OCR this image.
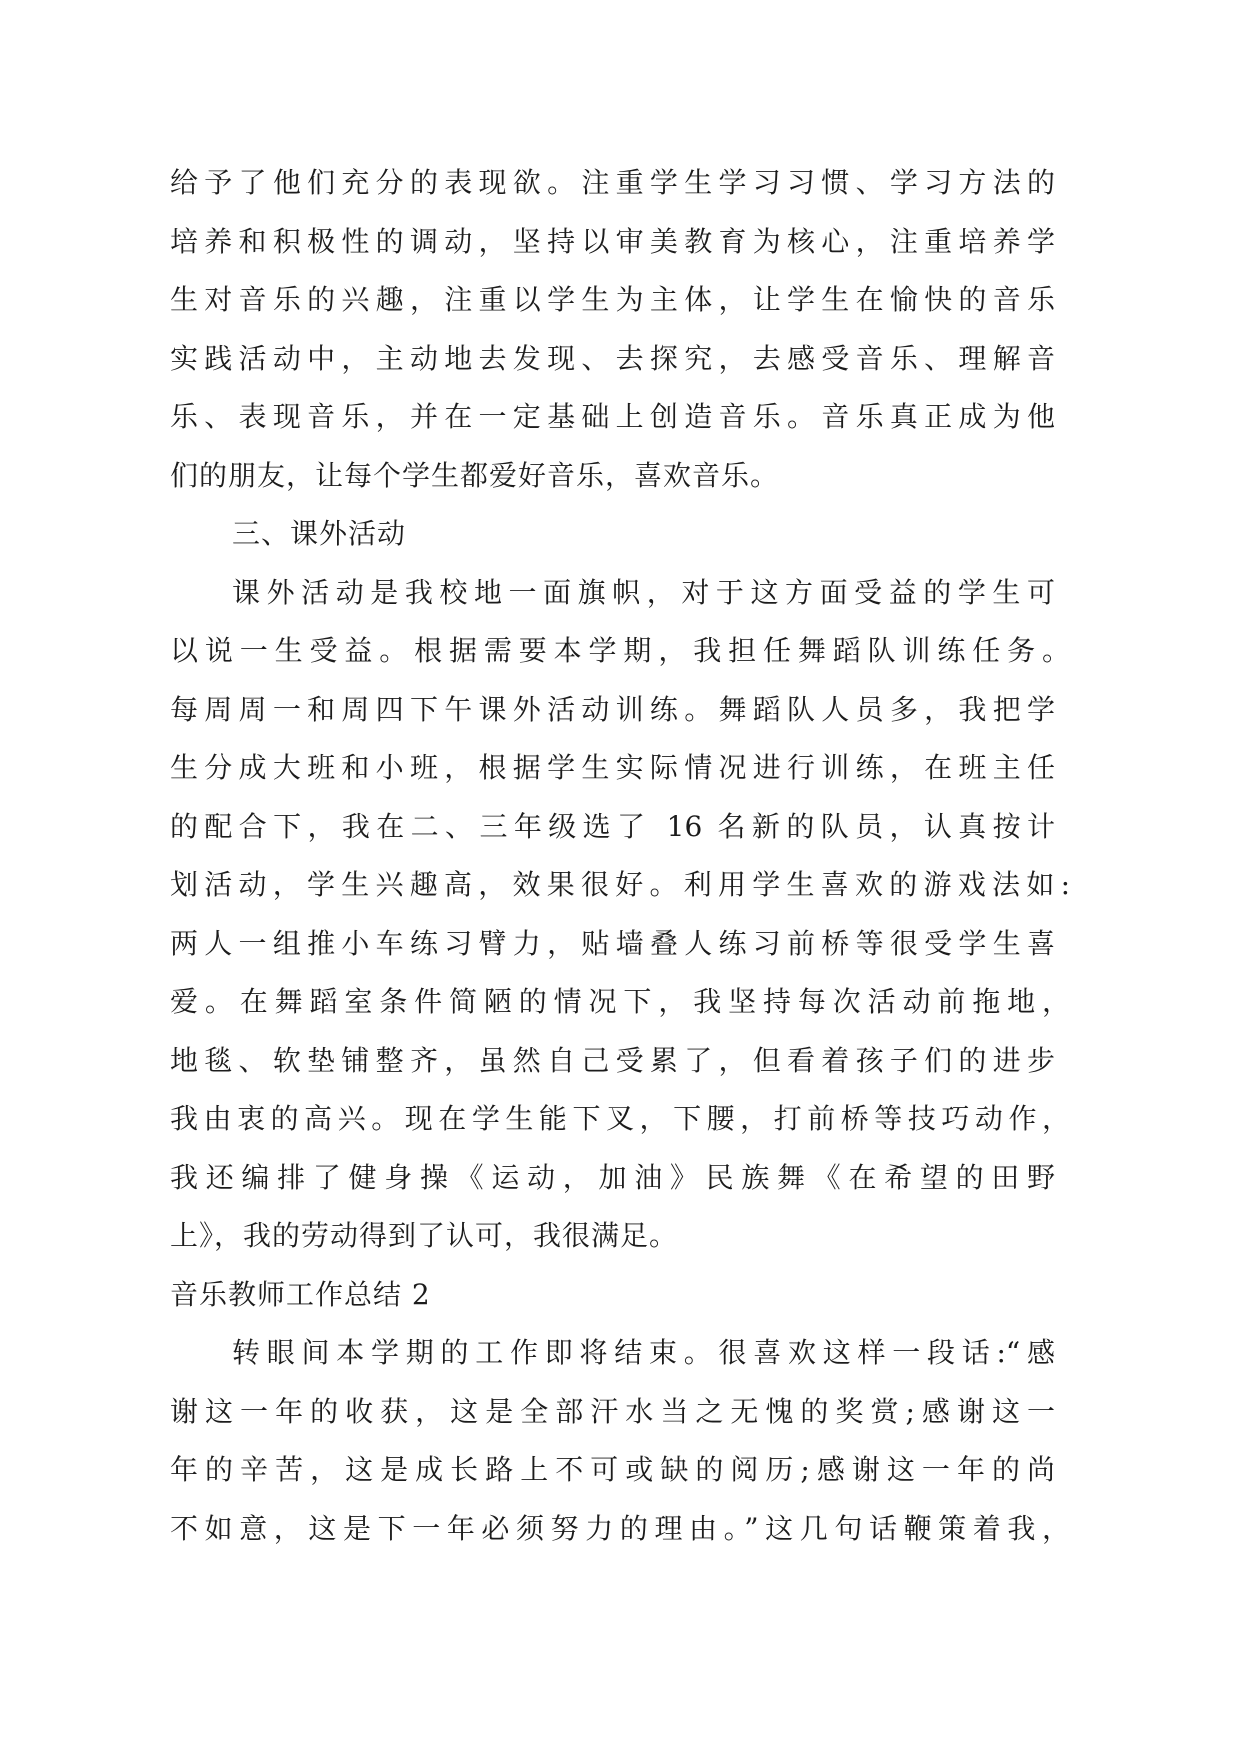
给予了他们充分的表现欲。注重学生学习习惯、学习方法的
培养和积极性的调动，坚持以审美教育为核心，注重培养学
生对音乐的兴趣，注重以学生为主体，让学生在愉快的音乐
实践活动中，主动地去发现、去探究，去感受音乐、理解音
乐、表现音乐，并在一定基础上创造音乐。音乐真正成为他
们的朋友，让每个学生都爱好音乐，喜欢音乐。
三、课外活动
课外活动是我校地一面旗帜，对于这方面受益的学生可
以说一生受益。根据需要本学期，我担任舞蹈队训练任务。
每周周一和周四下午课外活动训练。舞蹈队人员多，我把学
生分成大班和小班，根据学生实际情况进行训练，在班主任
的配合下，我在二、三年级选了 16 名新的队员，认真按计
划活动，学生兴趣高，效果很好。利用学生喜欢的游戏法如:
两人一组推小车练习臂力，贴墙叠人练习前桥等很受学生喜
爱。在舞蹈室条件简陋的情况下，我坚持每次活动前拖地，
地毯、软垫铺整齐，虽然自己受累了，但看着孩子们的进步
我由衷的高兴。现在学生能下叉，下腰，打前桥等技巧动作，
我还编排了健身操《运动，加油》民族舞《在希望的田野
上》，我的劳动得到了认可，我很满足。
音乐教师工作总结 2
转眼间本学期的工作即将结束。很喜欢这样一段话:“感
谢这一年的收获，这是全部汗水当之无愧的奖赏;感谢这一
年的辛苦，这是成长路上不可或缺的阅历;感谢这一年的尚
不如意，这是下一年必须努力的理由。”这几句话鞭策着我，
